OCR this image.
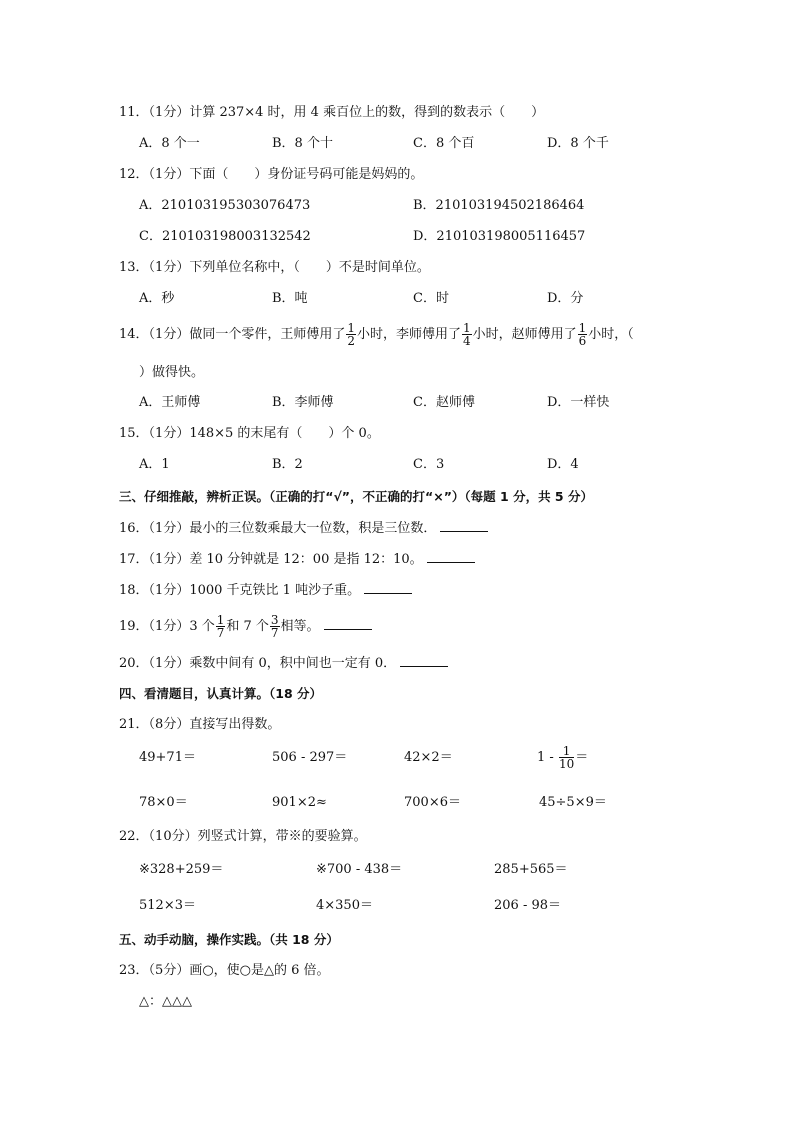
11．（1分）计算 237×4 时，用 4 乘百位上的数，得到的数表示（　　）
A．8 个一	B．8 个十	C．8 个百	D．8 个千
12．（1分）下面（　　）身份证号码可能是妈妈的。
A．210103195303076473	B．210103194502186464
C．210103198003132542	D．210103198005116457
13．（1分）下列单位名称中，（　　）不是时间单位。
A．秒	B．吨	C．时	D．分
14．（1分）做同一个零件，王师傅用了 $\frac{1}{2}$ 小时，李师傅用了 $\frac{1}{4}$ 小时，赵师傅用了 $\frac{1}{6}$ 小时，（
）做得快。
A．王师傅	B．李师傅	C．赵师傅	D．一样快
15．（1分）148×5 的末尾有（　　）个 0。
A．1	B．2	C．3	D．4
三、仔细推敲，辨析正误。（正确的打“√”，不正确的打“×”）（每题 1 分，共 5 分）
16．（1分）最小的三位数乘最大一位数，积是三位数．
17．（1分）差 10 分钟就是 12：00 是指 12：10。
18．（1分）1000 千克铁比 1 吨沙子重。
19．（1分）3 个 $\frac{1}{7}$ 和 7 个 $\frac{3}{7}$ 相等。
20．（1分）乘数中间有 0，积中间也一定有 0．
四、看清题目，认真计算。（18 分）
21．（8分）直接写出得数。
49+71＝	506 - 297＝	42×2＝	$1 - \frac{1}{10}$ ＝
78×0＝	901×2≈	700×6＝	45÷5×9＝
22．（10分）列竖式计算，带※的要验算。
※328+259＝	※700 - 438＝	285+565＝
512×3＝	4×350＝	206 - 98＝
五、动手动脑，操作实践。（共 18 分）
23．（5分）画○，使○是△的 6 倍。
△：△△△
